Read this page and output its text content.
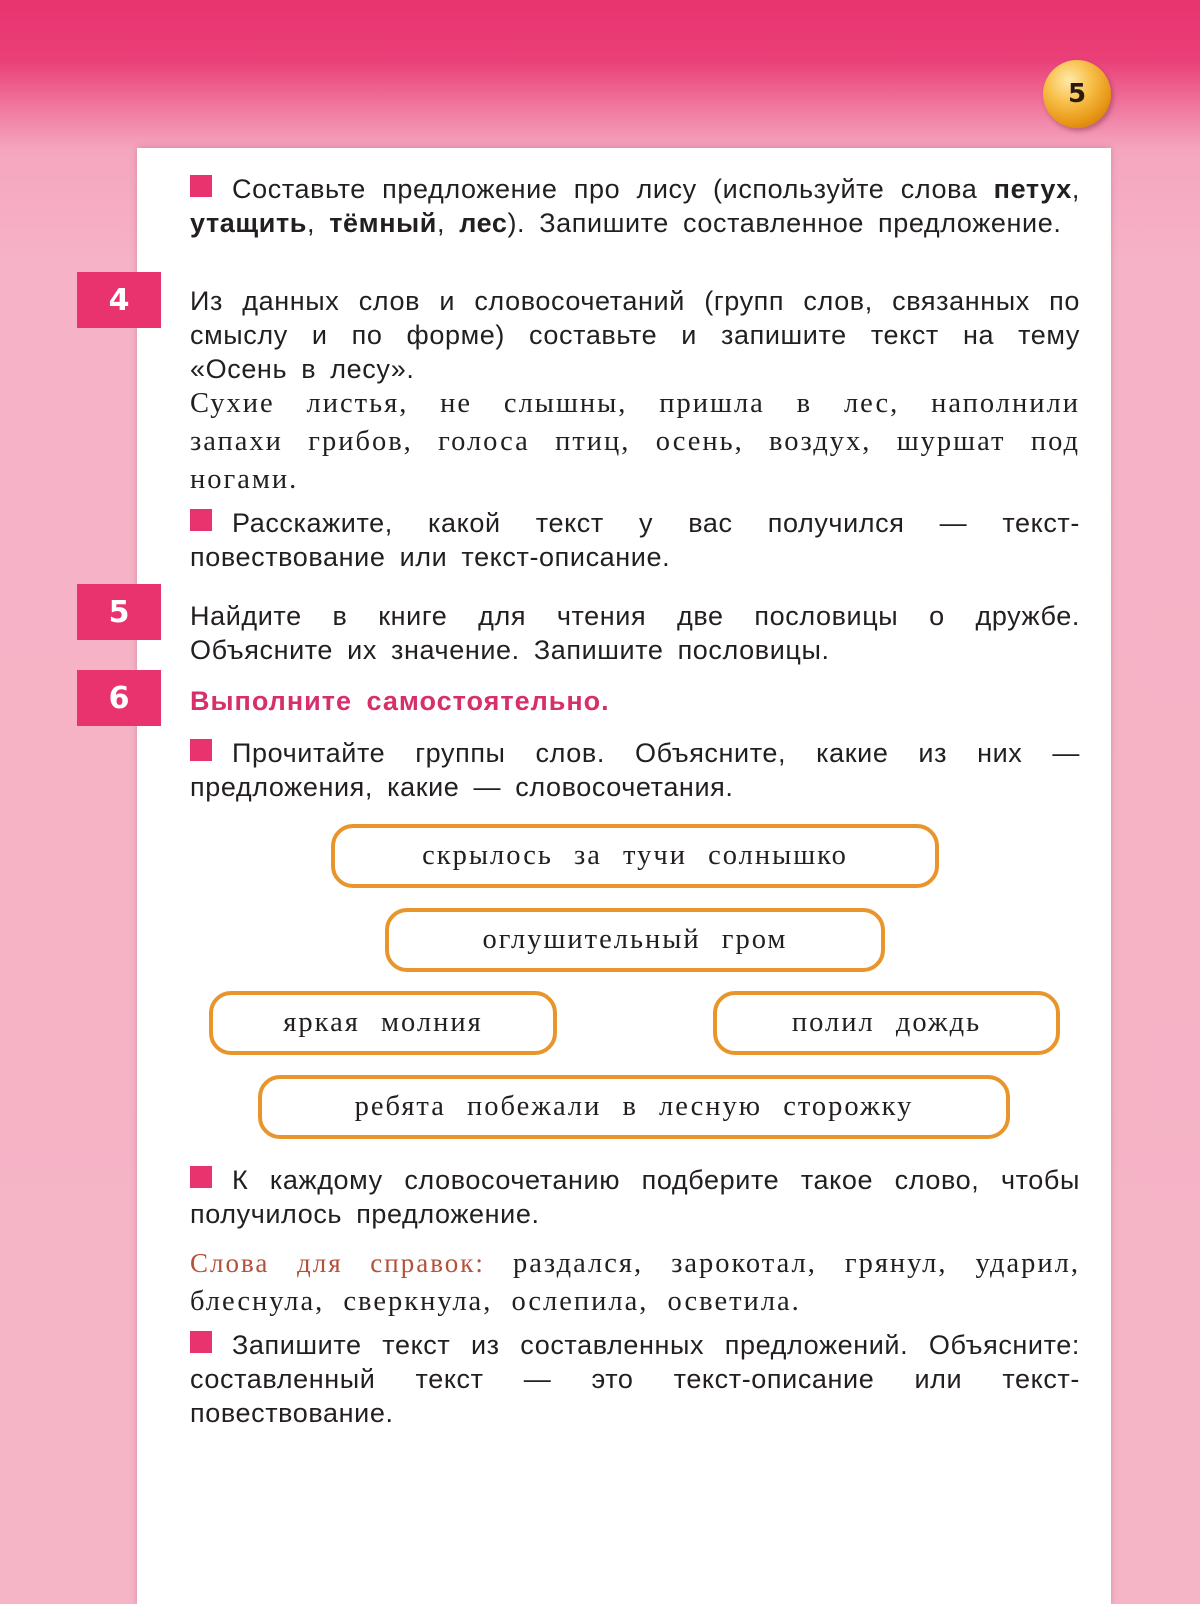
5
Составьте предложение про лису (используйте слова петух, утащить, тёмный, лес). Запишите составленное предложение.
4	Из данных слов и словосочетаний (групп слов, связанных по смыслу и по форме) составьте и запишите текст на тему «Осень в лесу».
Сухие листья, не слышны, пришла в лес, наполнили запахи грибов, голоса птиц, осень, воздух, шуршат под ногами.
Расскажите, какой текст у вас получился — текст-повествование или текст-описание.
5	Найдите в книге для чтения две пословицы о дружбе. Объясните их значение. Запишите пословицы.
6	Выполните самостоятельно.
Прочитайте группы слов. Объясните, какие из них — предложения, какие — словосочетания.
скрылось за тучи солнышко
оглушительный гром
яркая молния	полил дождь
ребята побежали в лесную сторожку
К каждому словосочетанию подберите такое слово, чтобы получилось предложение.
Слова для справок: раздался, зарокотал, грянул, ударил, блеснула, сверкнула, ослепила, осветила.
Запишите текст из составленных предложений. Объясните: составленный текст — это текст-описание или текст-повествование.
